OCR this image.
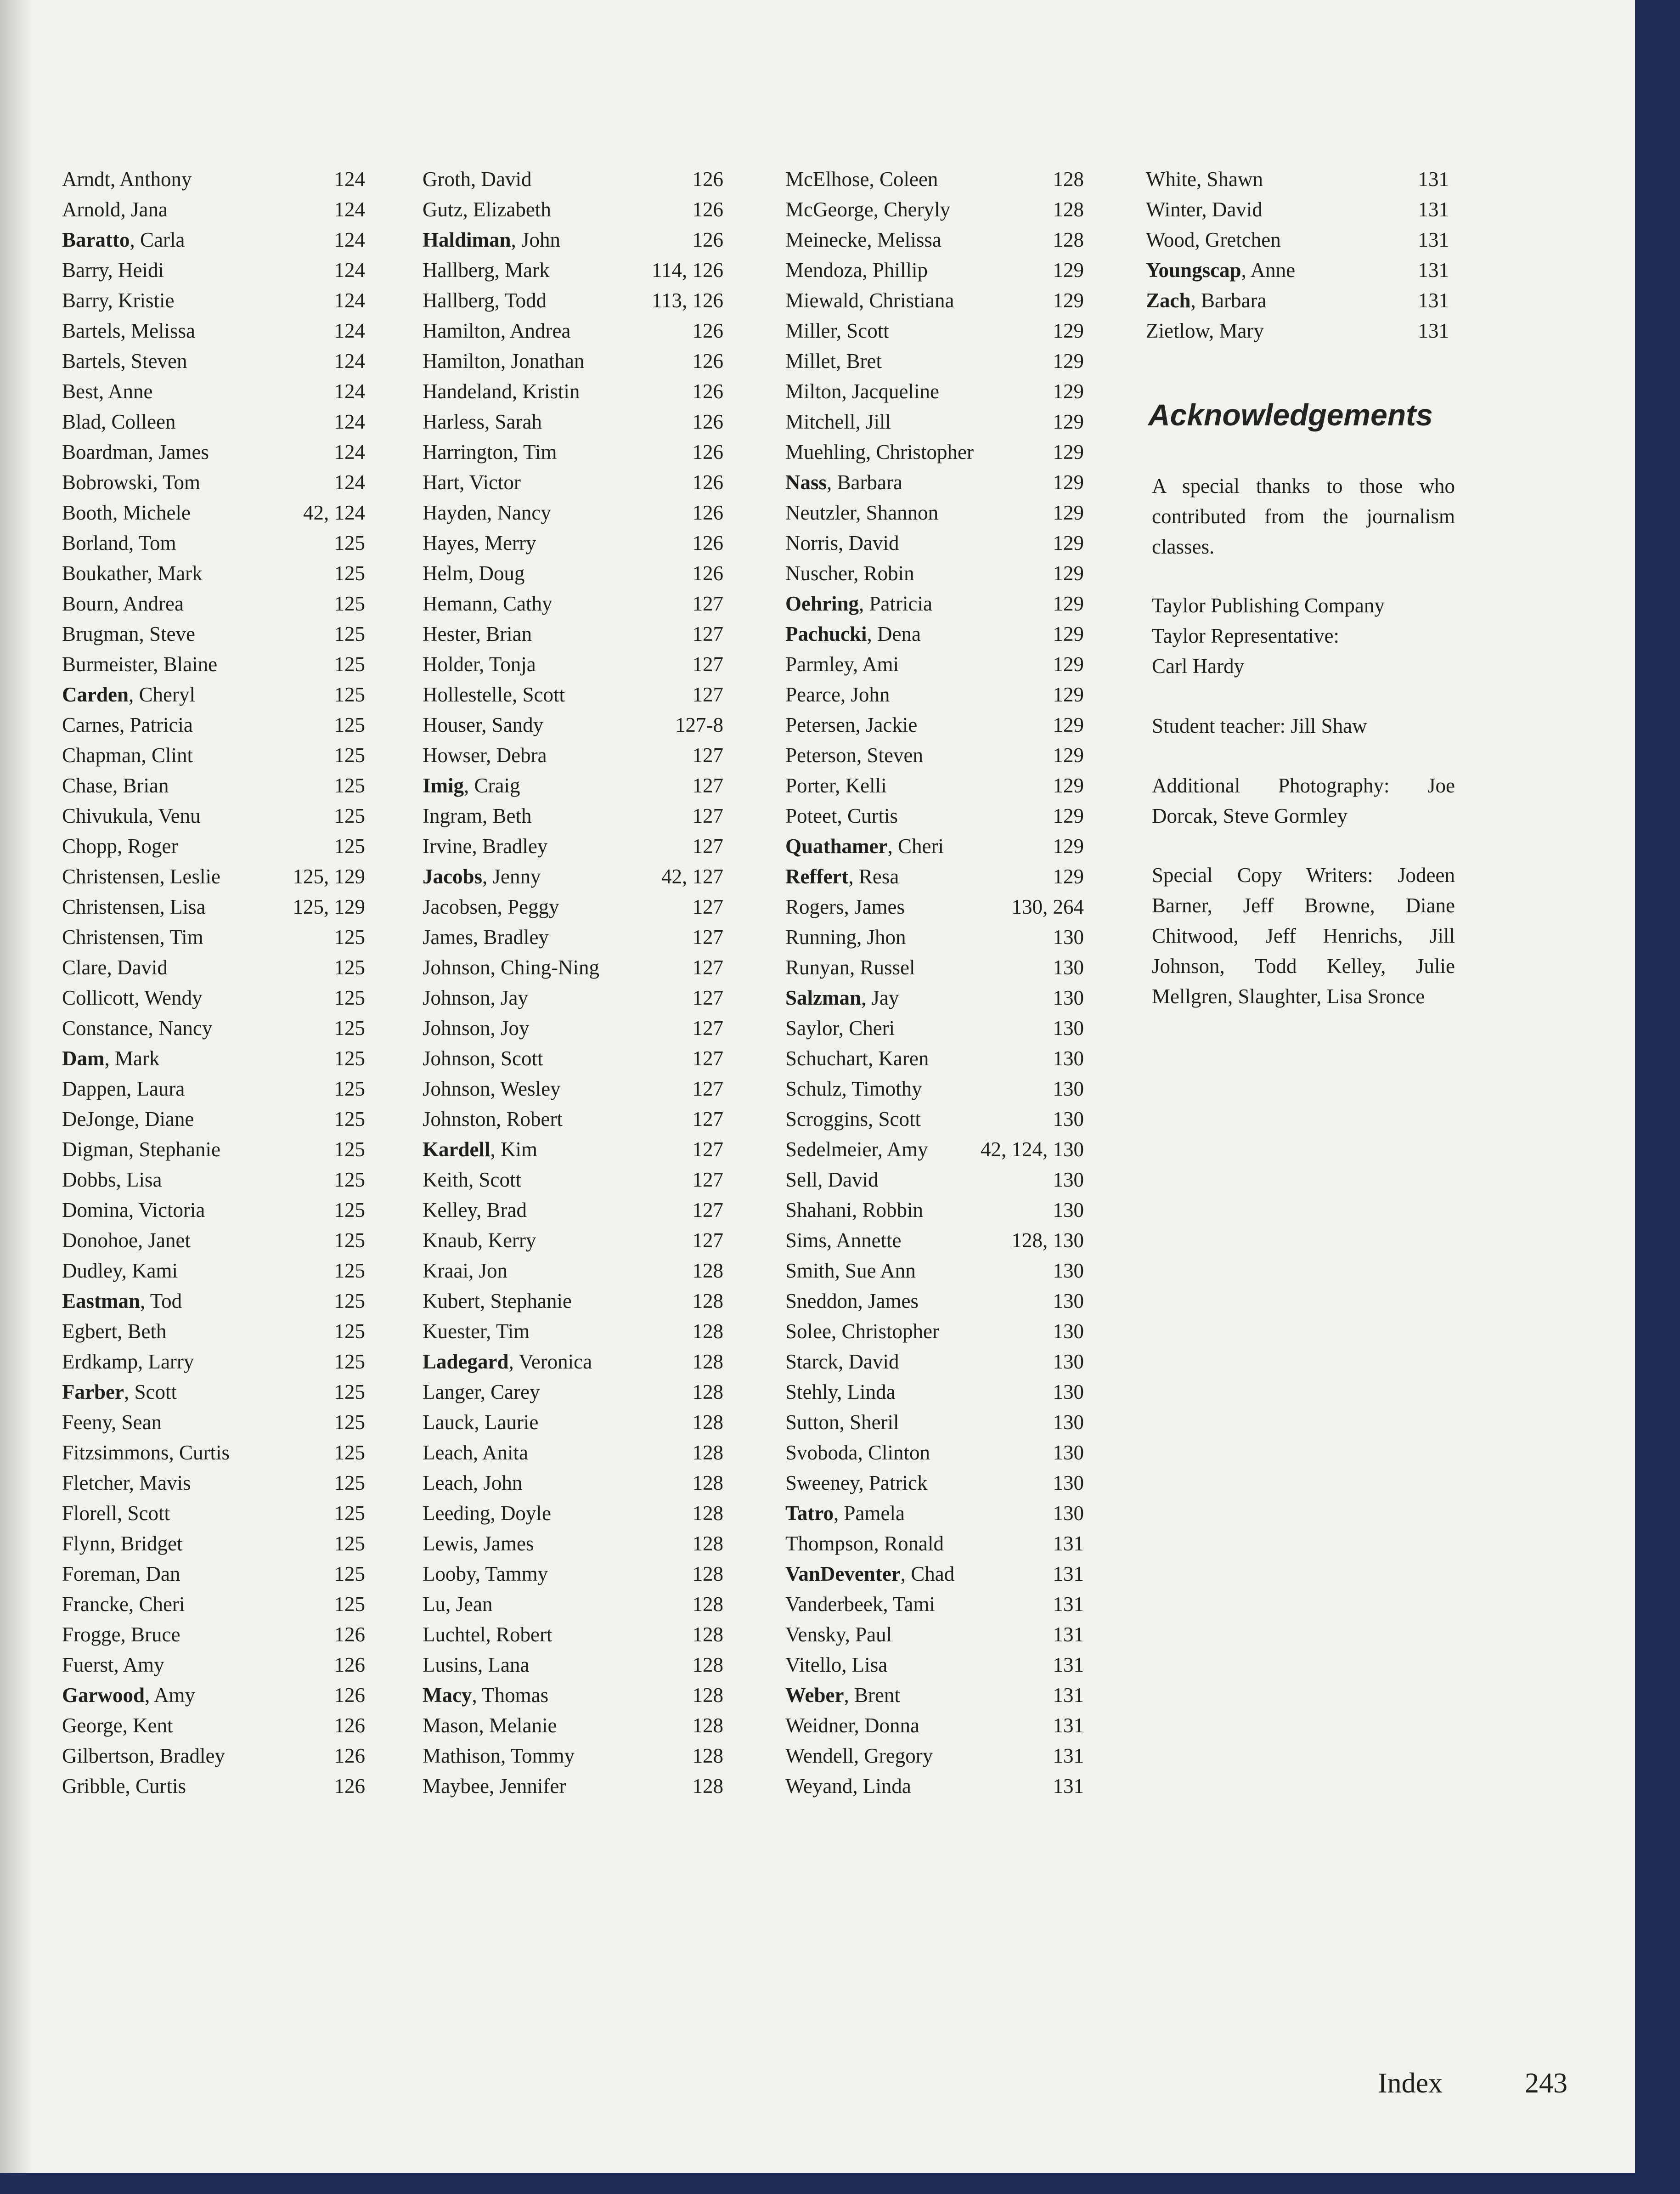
Arndt, Anthony	124
Arnold, Jana	124
Baratto, Carla	124
Barry, Heidi	124
Barry, Kristie	124
Bartels, Melissa	124
Bartels, Steven	124
Best, Anne	124
Blad, Colleen	124
Boardman, James	124
Bobrowski, Tom	124
Booth, Michele	42, 124
Borland, Tom	125
Boukather, Mark	125
Bourn, Andrea	125
Brugman, Steve	125
Burmeister, Blaine	125
Carden, Cheryl	125
Carnes, Patricia	125
Chapman, Clint	125
Chase, Brian	125
Chivukula, Venu	125
Chopp, Roger	125
Christensen, Leslie	125, 129
Christensen, Lisa	125, 129
Christensen, Tim	125
Clare, David	125
Collicott, Wendy	125
Constance, Nancy	125
Dam, Mark	125
Dappen, Laura	125
DeJonge, Diane	125
Digman, Stephanie	125
Dobbs, Lisa	125
Domina, Victoria	125
Donohoe, Janet	125
Dudley, Kami	125
Eastman, Tod	125
Egbert, Beth	125
Erdkamp, Larry	125
Farber, Scott	125
Feeny, Sean	125
Fitzsimmons, Curtis	125
Fletcher, Mavis	125
Florell, Scott	125
Flynn, Bridget	125
Foreman, Dan	125
Francke, Cheri	125
Frogge, Bruce	126
Fuerst, Amy	126
Garwood, Amy	126
George, Kent	126
Gilbertson, Bradley	126
Gribble, Curtis	126
Groth, David	126
Gutz, Elizabeth	126
Haldiman, John	126
Hallberg, Mark	114, 126
Hallberg, Todd	113, 126
Hamilton, Andrea	126
Hamilton, Jonathan	126
Handeland, Kristin	126
Harless, Sarah	126
Harrington, Tim	126
Hart, Victor	126
Hayden, Nancy	126
Hayes, Merry	126
Helm, Doug	126
Hemann, Cathy	127
Hester, Brian	127
Holder, Tonja	127
Hollestelle, Scott	127
Houser, Sandy	127-8
Howser, Debra	127
Imig, Craig	127
Ingram, Beth	127
Irvine, Bradley	127
Jacobs, Jenny	42, 127
Jacobsen, Peggy	127
James, Bradley	127
Johnson, Ching-Ning	127
Johnson, Jay	127
Johnson, Joy	127
Johnson, Scott	127
Johnson, Wesley	127
Johnston, Robert	127
Kardell, Kim	127
Keith, Scott	127
Kelley, Brad	127
Knaub, Kerry	127
Kraai, Jon	128
Kubert, Stephanie	128
Kuester, Tim	128
Ladegard, Veronica	128
Langer, Carey	128
Lauck, Laurie	128
Leach, Anita	128
Leach, John	128
Leeding, Doyle	128
Lewis, James	128
Looby, Tammy	128
Lu, Jean	128
Luchtel, Robert	128
Lusins, Lana	128
Macy, Thomas	128
Mason, Melanie	128
Mathison, Tommy	128
Maybee, Jennifer	128
McElhose, Coleen	128
McGeorge, Cheryly	128
Meinecke, Melissa	128
Mendoza, Phillip	129
Miewald, Christiana	129
Miller, Scott	129
Millet, Bret	129
Milton, Jacqueline	129
Mitchell, Jill	129
Muehling, Christopher	129
Nass, Barbara	129
Neutzler, Shannon	129
Norris, David	129
Nuscher, Robin	129
Oehring, Patricia	129
Pachucki, Dena	129
Parmley, Ami	129
Pearce, John	129
Petersen, Jackie	129
Peterson, Steven	129
Porter, Kelli	129
Poteet, Curtis	129
Quathamer, Cheri	129
Reffert, Resa	129
Rogers, James	130, 264
Running, Jhon	130
Runyan, Russel	130
Salzman, Jay	130
Saylor, Cheri	130
Schuchart, Karen	130
Schulz, Timothy	130
Scroggins, Scott	130
Sedelmeier, Amy	42, 124, 130
Sell, David	130
Shahani, Robbin	130
Sims, Annette	128, 130
Smith, Sue Ann	130
Sneddon, James	130
Solee, Christopher	130
Starck, David	130
Stehly, Linda	130
Sutton, Sheril	130
Svoboda, Clinton	130
Sweeney, Patrick	130
Tatro, Pamela	130
Thompson, Ronald	131
VanDeventer, Chad	131
Vanderbeek, Tami	131
Vensky, Paul	131
Vitello, Lisa	131
Weber, Brent	131
Weidner, Donna	131
Wendell, Gregory	131
Weyand, Linda	131
White, Shawn	131
Winter, David	131
Wood, Gretchen	131
Youngscap, Anne	131
Zach, Barbara	131
Zietlow, Mary	131
Acknowledgements

A special thanks to those who contributed from the journalism classes.

Taylor Publishing Company

Taylor Representative:

Carl Hardy

Student teacher: Jill Shaw

Additional Photography: Joe Dorcak, Steve Gormley

Special Copy Writers: Jodeen Barner, Jeff Browne, Diane Chitwood, Jeff Henrichs, Jill Johnson, Todd Kelley, Julie Mellgren, Slaughter, Lisa Sronce

Index	243
